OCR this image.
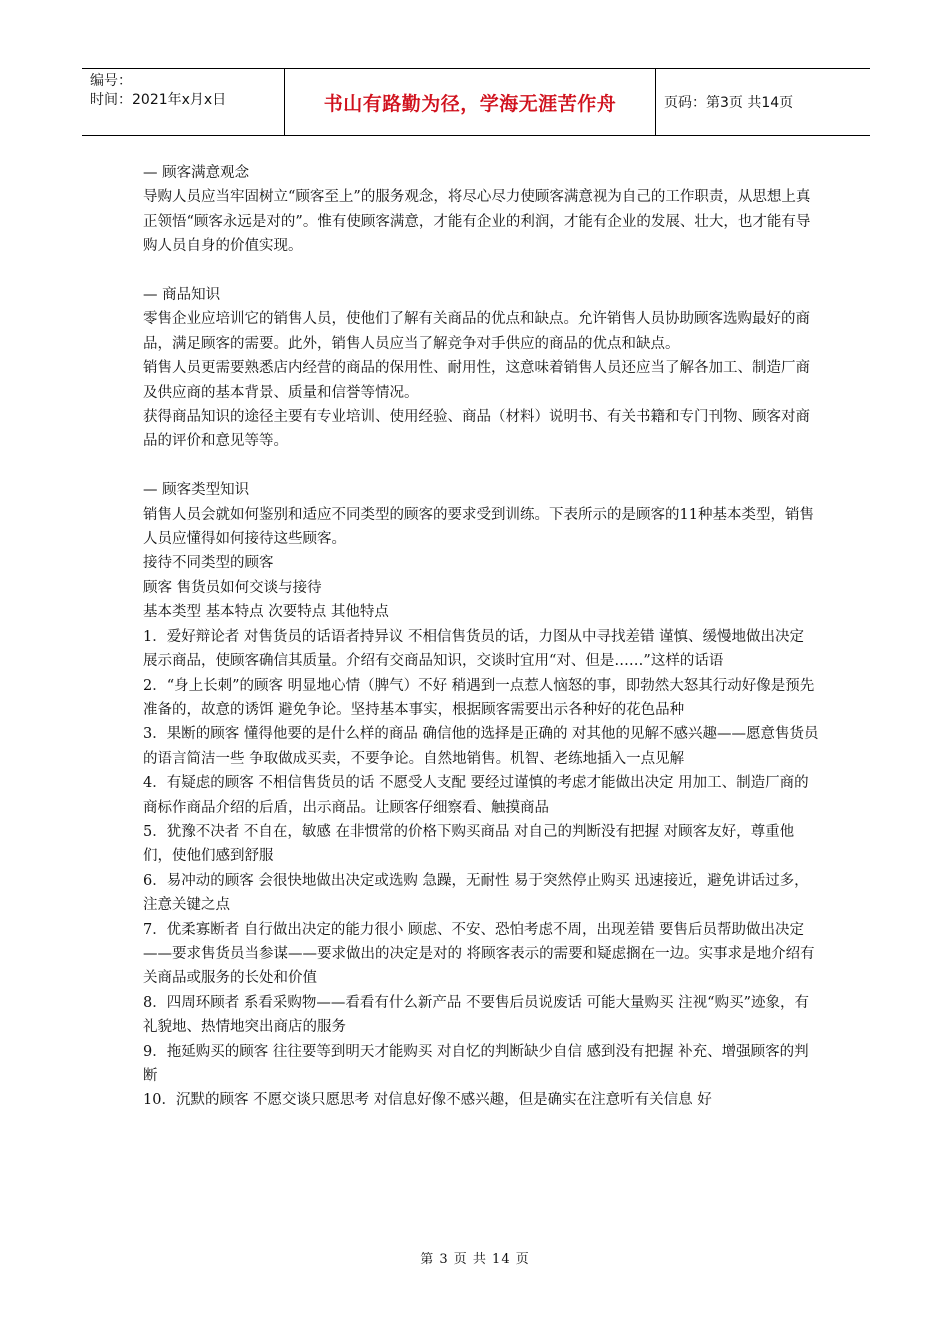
编号：
时间：2021年x月x日	书山有路勤为径，学海无涯苦作舟	页码：第3页 共14页

— 顾客满意观念

导购人员应当牢固树立“顾客至上”的服务观念，将尽心尽力使顾客满意视为自己的工作职责，从思想上真正领悟“顾客永远是对的”。惟有使顾客满意，才能有企业的利润，才能有企业的发展、壮大，也才能有导购人员自身的价值实现。

— 商品知识

零售企业应培训它的销售人员，使他们了解有关商品的优点和缺点。允许销售人员协助顾客选购最好的商品，满足顾客的需要。此外，销售人员应当了解竞争对手供应的商品的优点和缺点。

销售人员更需要熟悉店内经营的商品的保用性、耐用性，这意味着销售人员还应当了解各加工、制造厂商及供应商的基本背景、质量和信誉等情况。

获得商品知识的途径主要有专业培训、使用经验、商品（材料）说明书、有关书籍和专门刊物、顾客对商品的评价和意见等等。

— 顾客类型知识

销售人员会就如何鉴别和适应不同类型的顾客的要求受到训练。下表所示的是顾客的11种基本类型，销售人员应懂得如何接待这些顾客。

接待不同类型的顾客

顾客 售货员如何交谈与接待

基本类型 基本特点 次要特点 其他特点

1．爱好辩论者 对售货员的话语者持异议 不相信售货员的话，力图从中寻找差错 谨慎、缓慢地做出决定 展示商品，使顾客确信其质量。介绍有交商品知识，交谈时宜用“对、但是……”这样的话语

2．“身上长刺”的顾客 明显地心情（脾气）不好 稍遇到一点惹人恼怒的事，即勃然大怒其行动好像是预先准备的，故意的诱饵 避免争论。坚持基本事实，根据顾客需要出示各种好的花色品种

3．果断的顾客 懂得他要的是什么样的商品 确信他的选择是正确的 对其他的见解不感兴趣——愿意售货员的语言简洁一些 争取做成买卖，不要争论。自然地销售。机智、老练地插入一点见解

4．有疑虑的顾客 不相信售货员的话 不愿受人支配 要经过谨慎的考虑才能做出决定 用加工、制造厂商的商标作商品介绍的后盾，出示商品。让顾客仔细察看、触摸商品

5．犹豫不决者 不自在，敏感 在非惯常的价格下购买商品 对自己的判断没有把握 对顾客友好，尊重他们，使他们感到舒服

6．易冲动的顾客 会很快地做出决定或选购 急躁，无耐性 易于突然停止购买 迅速接近，避免讲话过多，注意关键之点

7．优柔寡断者 自行做出决定的能力很小 顾虑、不安、恐怕考虑不周，出现差错 要售后员帮助做出决定——要求售货员当参谋——要求做出的决定是对的 将顾客表示的需要和疑虑搁在一边。实事求是地介绍有关商品或服务的长处和价值

8．四周环顾者 系看采购物——看看有什么新产品 不要售后员说废话 可能大量购买 注视“购买”迹象，有礼貌地、热情地突出商店的服务

9．拖延购买的顾客 往往要等到明天才能购买 对自忆的判断缺少自信 感到没有把握 补充、增强顾客的判断

10．沉默的顾客 不愿交谈只愿思考 对信息好像不感兴趣，但是确实在注意听有关信息 好

第 3 页 共 14 页
